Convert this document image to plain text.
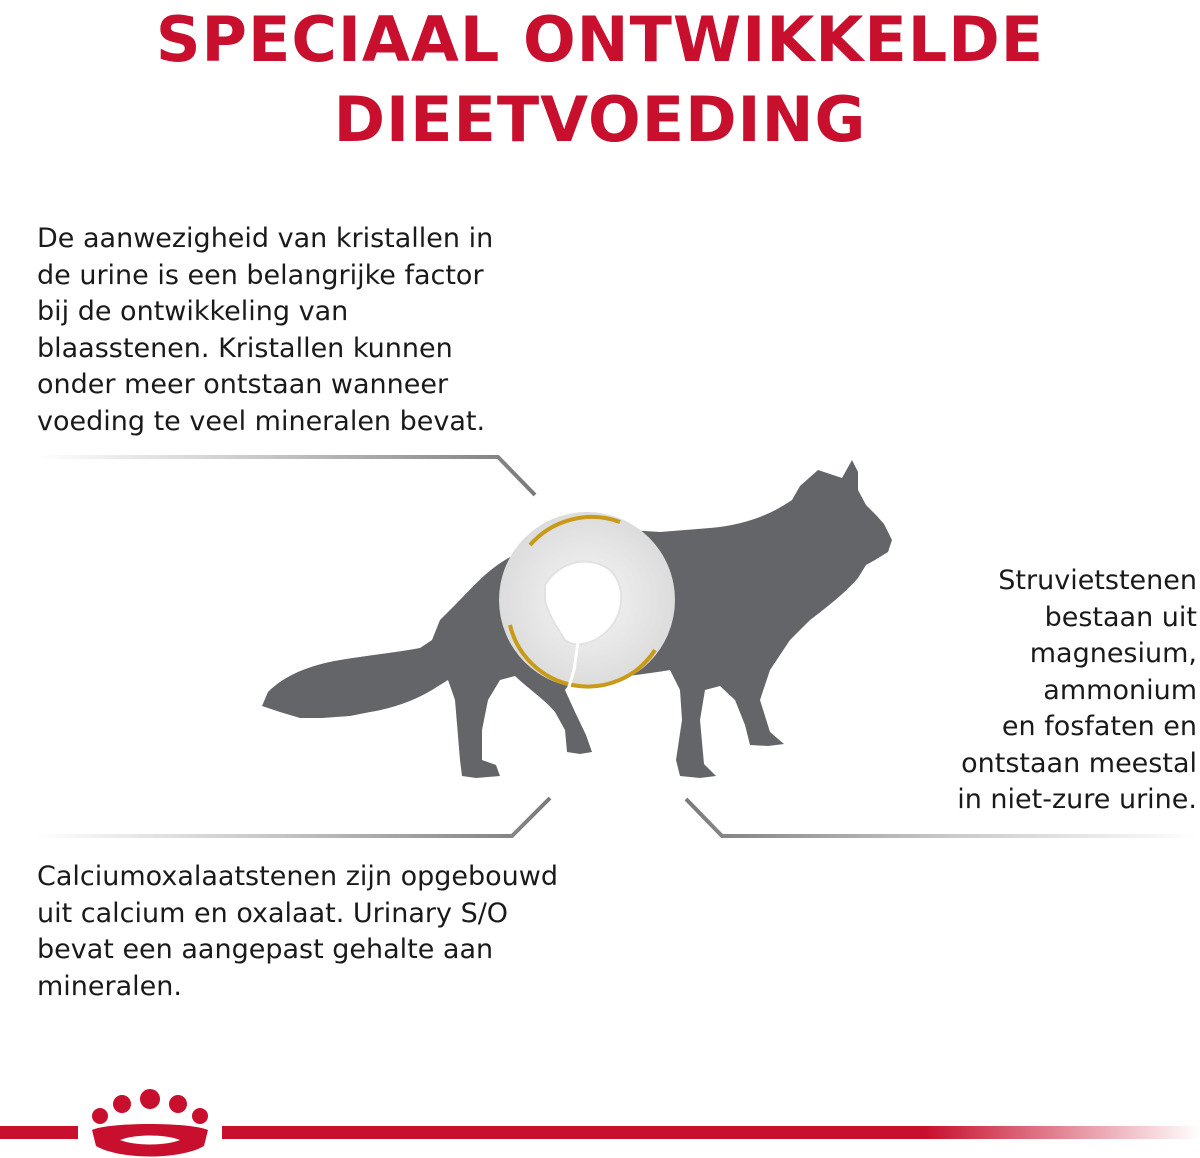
SPECIAAL ONTWIKKELDE
DIEETVOEDING

De aanwezigheid van kristallen in
de urine is een belangrijke factor
bij de ontwikkeling van
blaasstenen. Kristallen kunnen
onder meer ontstaan wanneer
voeding te veel mineralen bevat.

Struvietstenen
bestaan uit
magnesium,
ammonium
en fosfaten en
ontstaan meestal
in niet-zure urine.

Calciumoxalaatstenen zijn opgebouwd
uit calcium en oxalaat. Urinary S/O
bevat een aangepast gehalte aan
mineralen.
